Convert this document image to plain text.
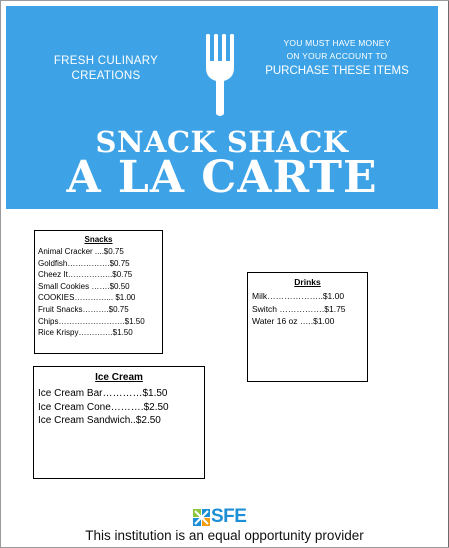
FRESH CULINARY
CREATIONS
YOU MUST HAVE MONEY
ON YOUR ACCOUNT TO
PURCHASE THESE ITEMS
SNACK SHACK
A LA CARTE
Snacks
Animal Cracker ....$0.75
Goldfish…………….$0.75
Cheez It……………..$0.75
Small Cookies …….$0.50
COOKIES…………... $1.00
Fruit Snacks……….$0.75
Chips…………………….$1.50
Rice Krispy………….$1.50
Drinks
Milk………………..$1.00
Switch …………….$1.75
Water 16 oz …..$1.00
Ice Cream
Ice Cream Bar…………$1.50
Ice Cream Cone……….$2.50
Ice Cream Sandwich..$2.50
SFE
This institution is an equal opportunity provider
